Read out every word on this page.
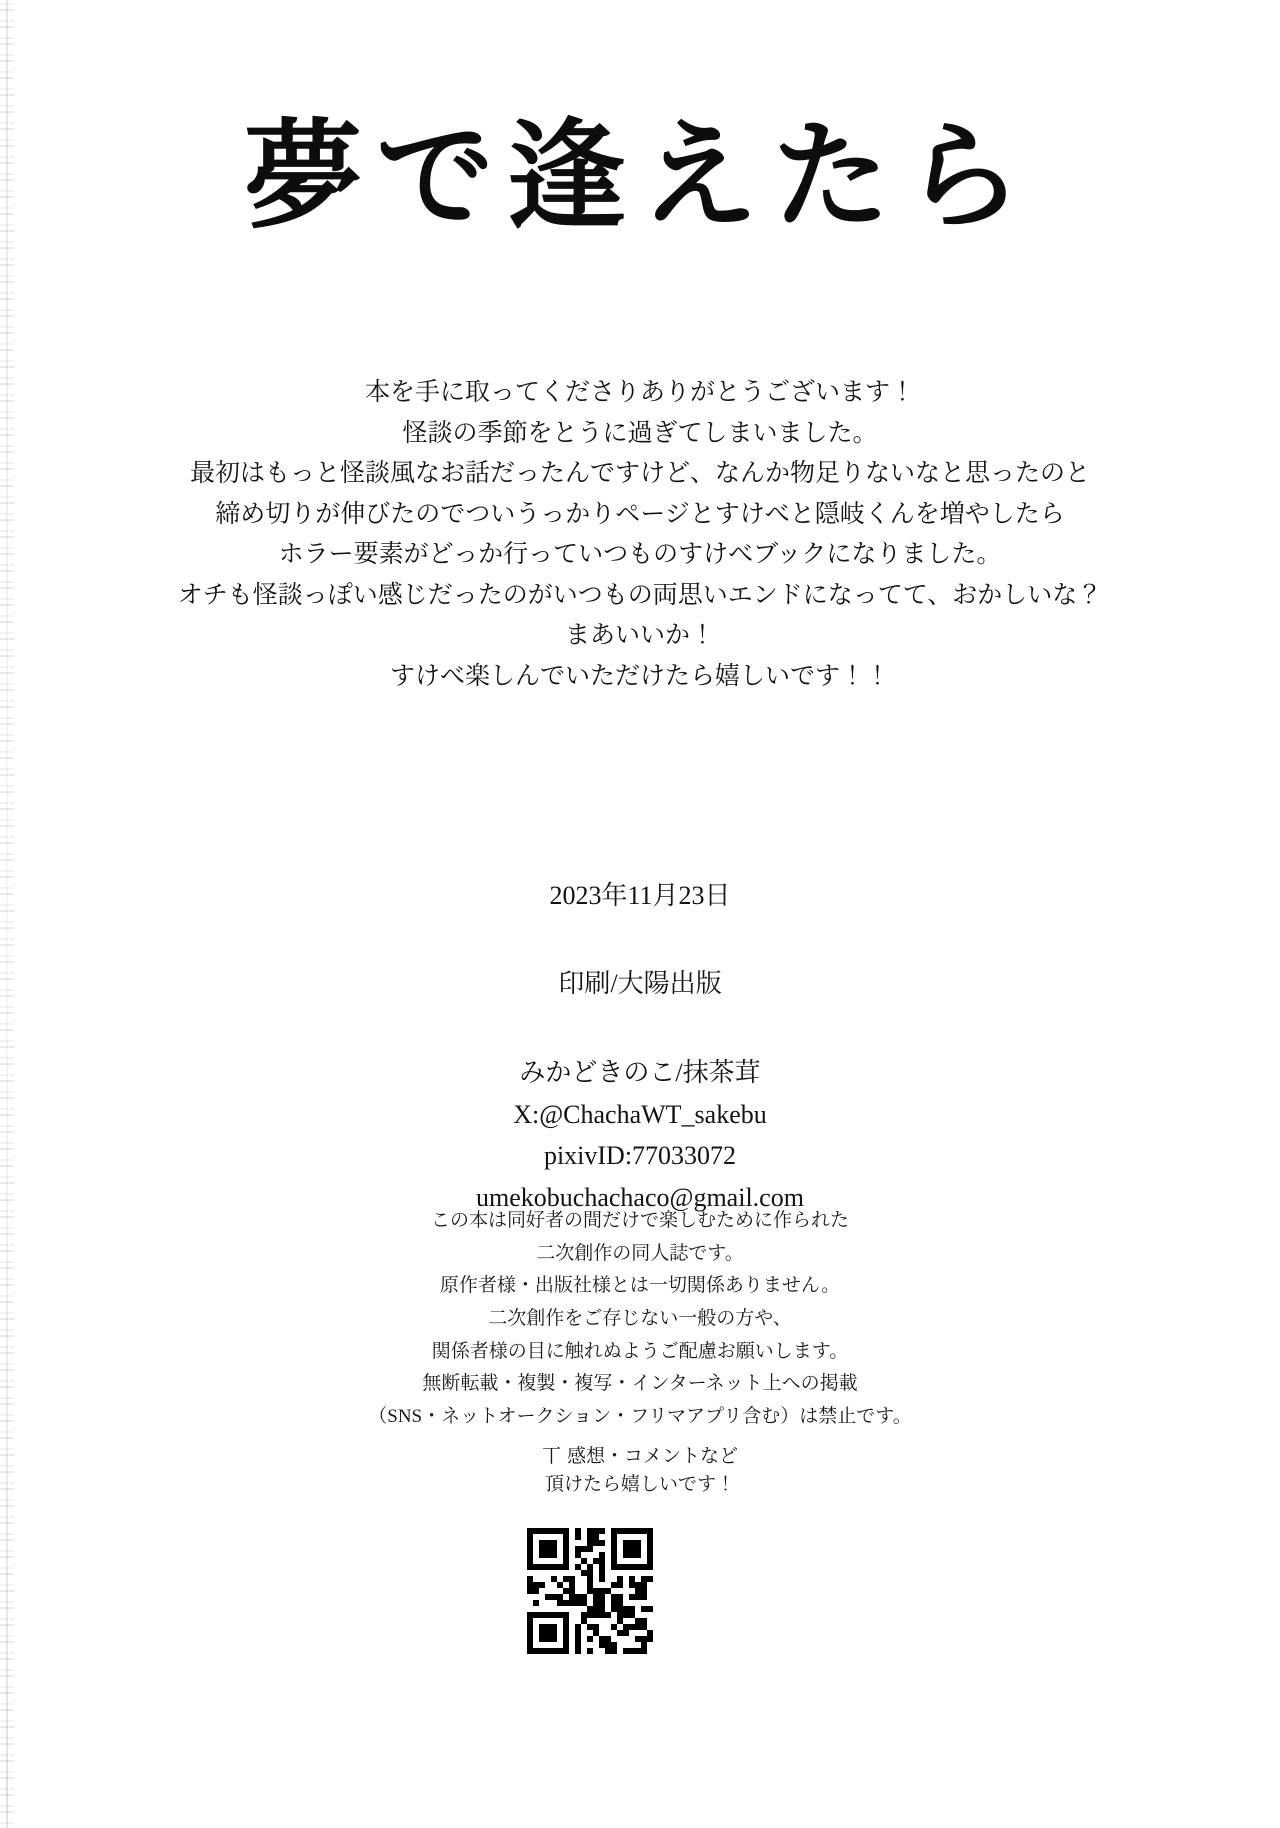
夢で逢えたら
本を手に取ってくださりありがとうございます！
怪談の季節をとうに過ぎてしまいました。
最初はもっと怪談風なお話だったんですけど、なんか物足りないなと思ったのと
締め切りが伸びたのでついうっかりページとすけべと隠岐くんを増やしたら
ホラー要素がどっか行っていつものすけべブックになりました。
オチも怪談っぽい感じだったのがいつもの両思いエンドになってて、おかしいな？
まあいいか！
すけべ楽しんでいただけたら嬉しいです！！
2023年11月23日
印刷/大陽出版
みかどきのこ/抹茶茸
X:@ChachaWT_sakebu
pixivID:77033072
umekobuchachaco@gmail.com
この本は同好者の間だけで楽しむために作られた
二次創作の同人誌です。
原作者様・出版社様とは一切関係ありません。
二次創作をご存じない一般の方や、
関係者様の目に触れぬようご配慮お願いします。
無断転載・複製・複写・インターネット上への掲載
（SNS・ネットオークション・フリマアプリ含む）は禁止です。
丅 感想・コメントなど
頂けたら嬉しいです！
